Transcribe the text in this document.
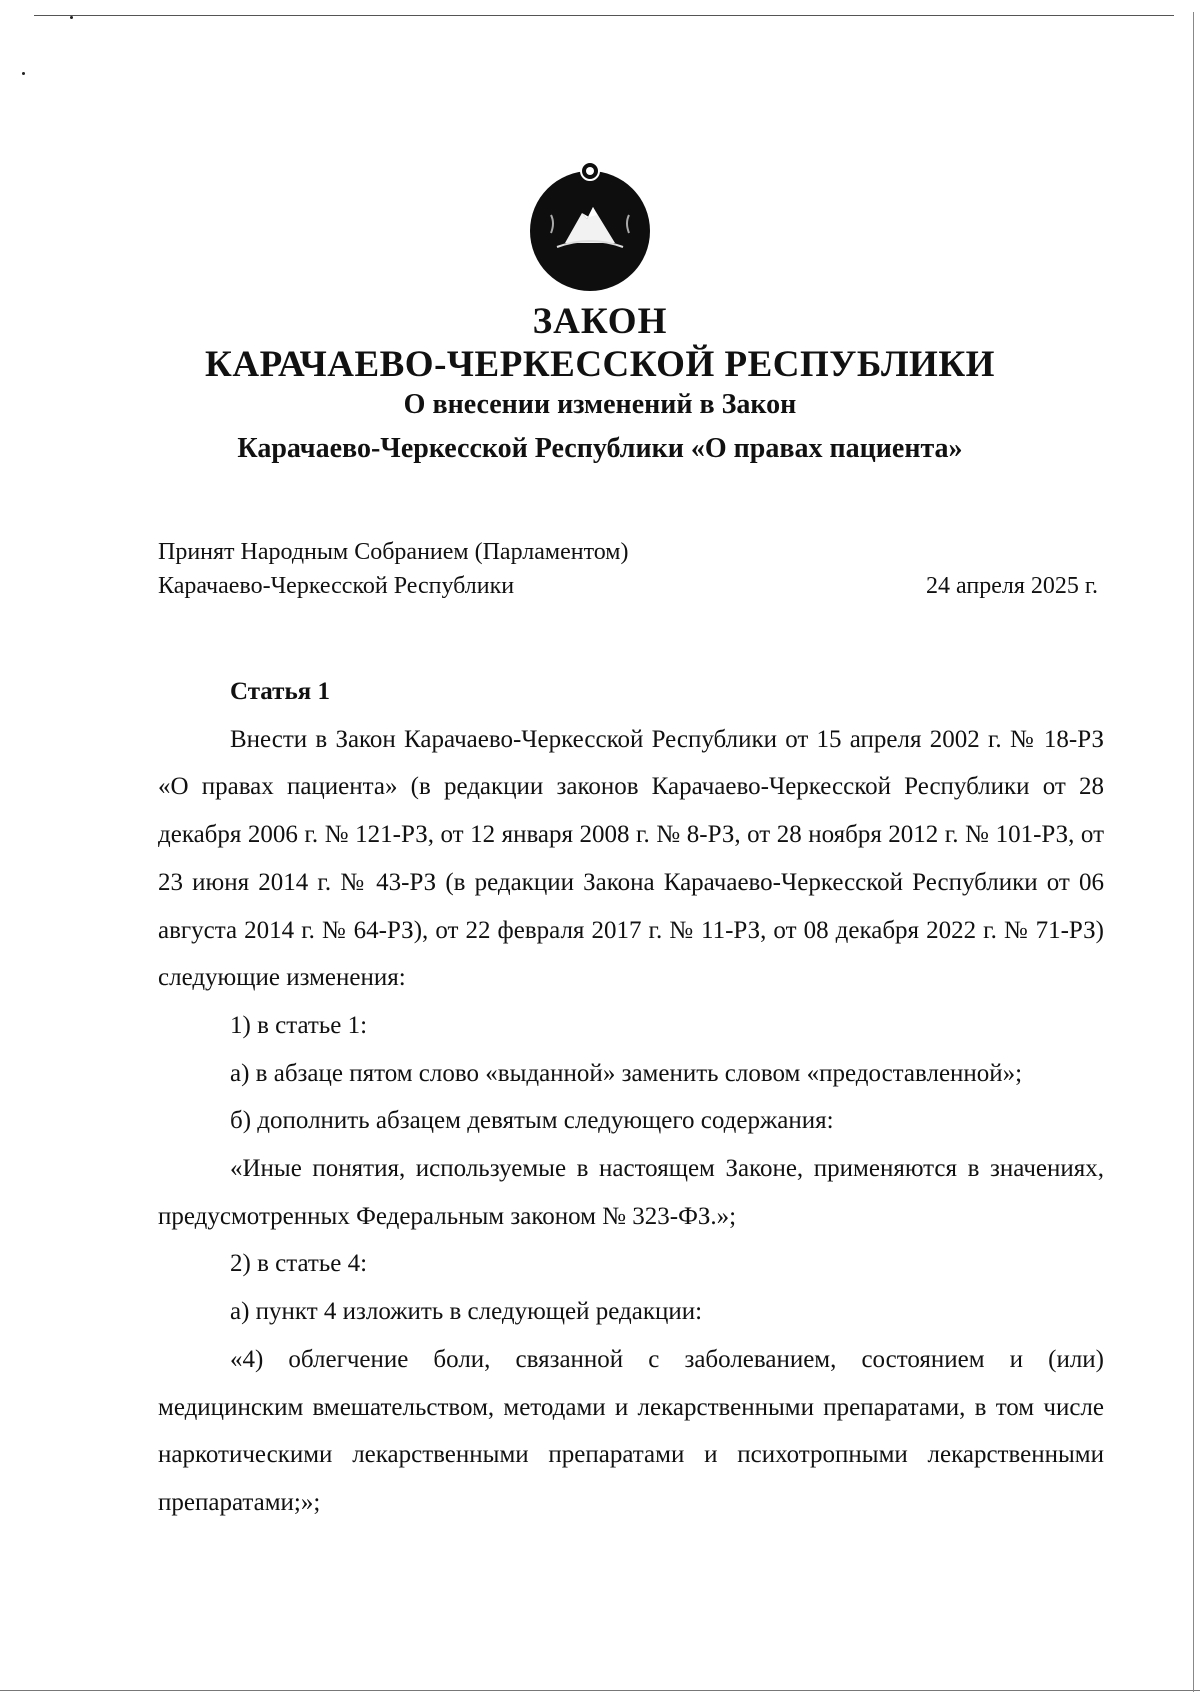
ЗАКОН
КАРАЧАЕВО-ЧЕРКЕССКОЙ РЕСПУБЛИКИ
О внесении изменений в Закон
Карачаево-Черкесской Республики «О правах пациента»
Принят Народным Собранием (Парламентом)
Карачаево-Черкесской Республики	24 апреля 2025 г.

Статья 1

Внести в Закон Карачаево-Черкесской Республики от 15 апреля 2002 г. № 18-РЗ «О правах пациента» (в редакции законов Карачаево-Черкесской Республики от 28 декабря 2006 г. № 121-РЗ, от 12 января 2008 г. № 8-РЗ, от 28 ноября 2012 г. № 101-РЗ, от 23 июня 2014 г. № 43-РЗ (в редакции Закона Карачаево-Черкесской Республики от 06 августа 2014 г. № 64-РЗ), от 22 февраля 2017 г. № 11-РЗ, от 08 декабря 2022 г. № 71-РЗ) следующие изменения:

1) в статье 1:

а) в абзаце пятом слово «выданной» заменить словом «предоставленной»;

б) дополнить абзацем девятым следующего содержания:

«Иные понятия, используемые в настоящем Законе, применяются в значениях, предусмотренных Федеральным законом № 323-ФЗ.»;

2) в статье 4:

а) пункт 4 изложить в следующей редакции:

«4) облегчение боли, связанной с заболеванием, состоянием и (или) медицинским вмешательством, методами и лекарственными препаратами, в том числе наркотическими лекарственными препаратами и психотропными лекарственными препаратами;»;
